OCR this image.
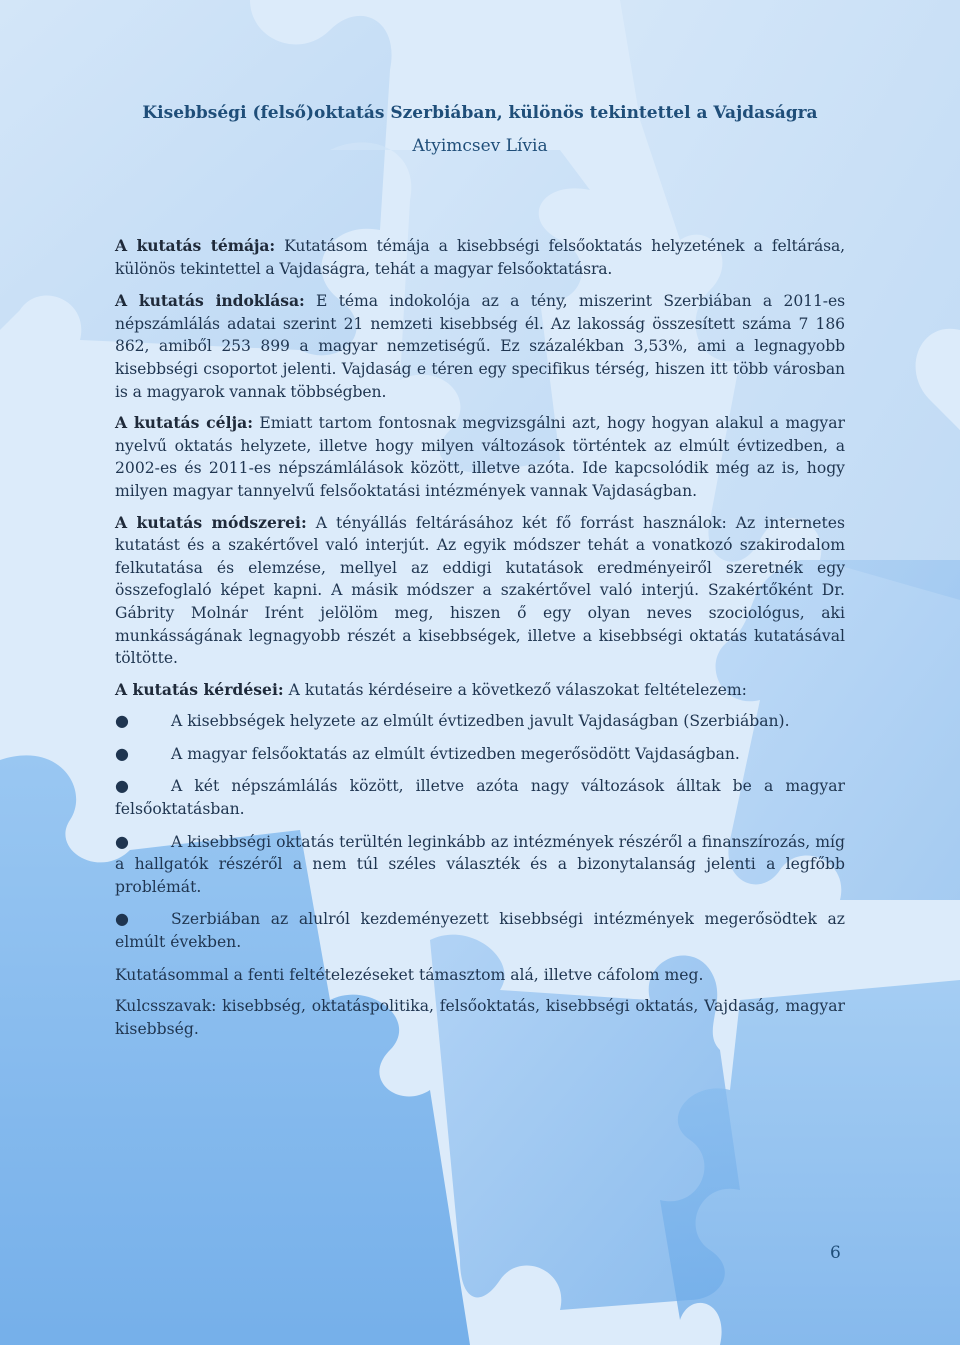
Kisebbségi (felső)oktatás Szerbiában, különös tekintettel a Vajdaságra

Atyimcsev Lívia

A kutatás témája: Kutatásom témája a kisebbségi felsőoktatás helyzetének a feltárása, különös tekintettel a Vajdaságra, tehát a magyar felsőoktatásra.

A kutatás indoklása: E téma indokolója az a tény, miszerint Szerbiában a 2011-es népszámlálás adatai szerint 21 nemzeti kisebbség él. Az lakosság összesített száma 7 186 862, amiből 253 899 a magyar nemzetiségű. Ez százalékban 3,53%, ami a legnagyobb kisebbségi csoportot jelenti. Vajdaság e téren egy specifikus térség, hiszen itt több városban is a magyarok vannak többségben.

A kutatás célja: Emiatt tartom fontosnak megvizsgálni azt, hogy hogyan alakul a magyar nyelvű oktatás helyzete, illetve hogy milyen változások történtek az elmúlt évtizedben, a 2002-es és 2011-es népszámlálások között, illetve azóta. Ide kapcsolódik még az is, hogy milyen magyar tannyelvű felsőoktatási intézmények vannak Vajdaságban.

A kutatás módszerei: A tényállás feltárásához két fő forrást használok: Az internetes kutatást és a szakértővel való interjút. Az egyik módszer tehát a vonatkozó szakirodalom felkutatása és elemzése, mellyel az eddigi kutatások eredményeiről szeretnék egy összefoglaló képet kapni. A másik módszer a szakértővel való interjú. Szakértőként Dr. Gábrity Molnár Irént jelölöm meg, hiszen ő egy olyan neves szociológus, aki munkásságának legnagyobb részét a kisebbségek, illetve a kisebbségi oktatás kutatásával töltötte.

A kutatás kérdései: A kutatás kérdéseire a következő válaszokat feltételezem:

●	A kisebbségek helyzete az elmúlt évtizedben javult Vajdaságban (Szerbiában).

●	A magyar felsőoktatás az elmúlt évtizedben megerősödött Vajdaságban.

●	A két népszámlálás között, illetve azóta nagy változások álltak be a magyar felsőoktatásban.

●	A kisebbségi oktatás terültén leginkább az intézmények részéről a finanszírozás, míg a hallgatók részéről a nem túl széles választék és a bizonytalanság jelenti a legfőbb problémát.

●	Szerbiában az alulról kezdeményezett kisebbségi intézmények megerősödtek az elmúlt években.

Kutatásommal a fenti feltételezéseket támasztom alá, illetve cáfolom meg.

Kulcsszavak: kisebbség, oktatáspolitika, felsőoktatás, kisebbségi oktatás, Vajdaság, magyar kisebbség.

6
